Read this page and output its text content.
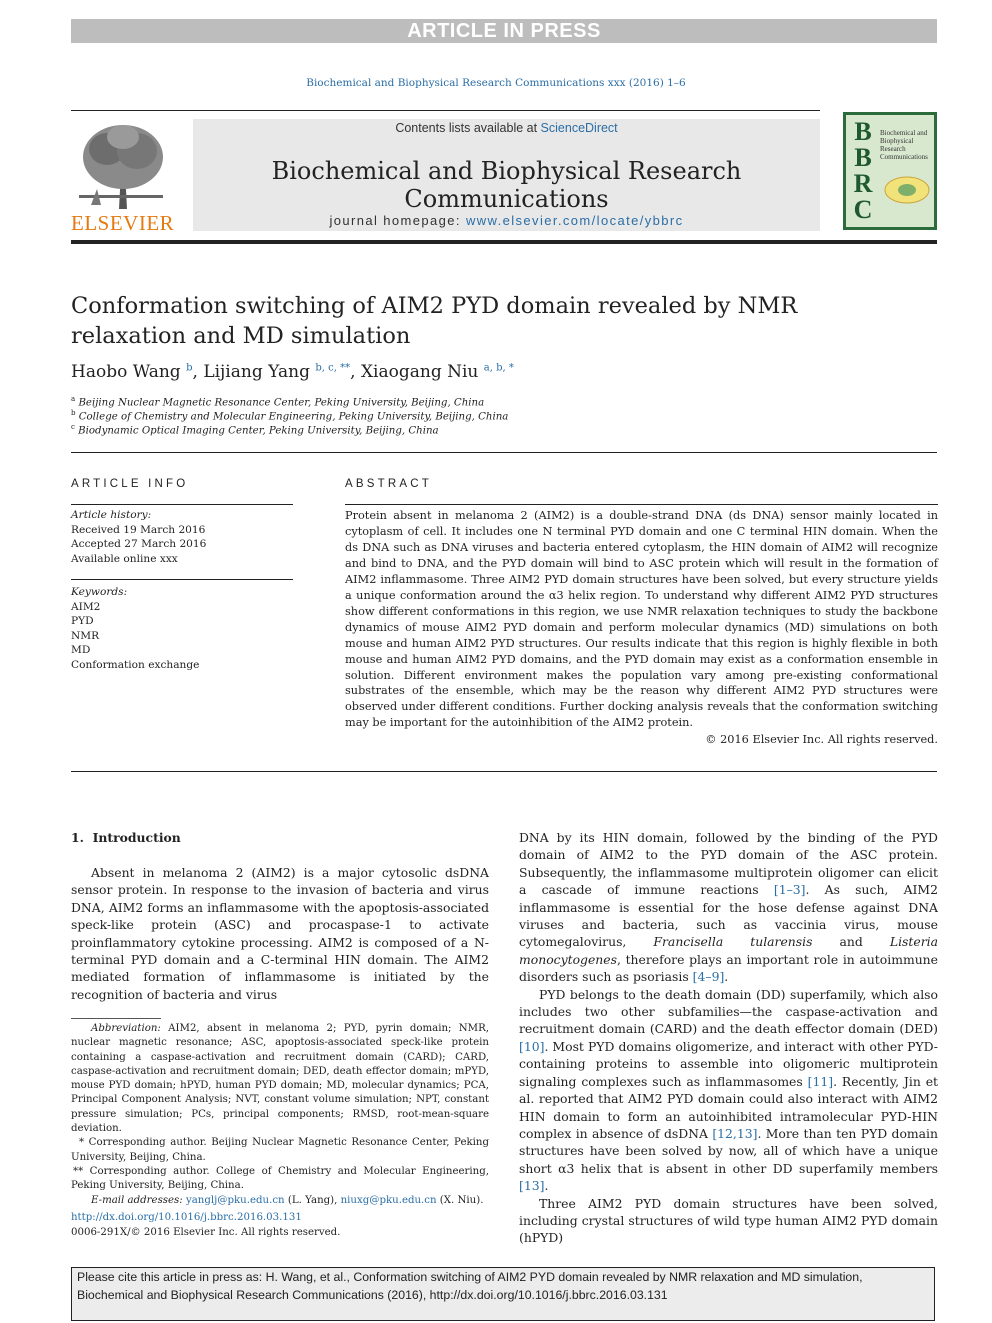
ARTICLE IN PRESS
Biochemical and Biophysical Research Communications xxx (2016) 1–6
ELSEVIER
Contents lists available at ScienceDirect
Biochemical and Biophysical Research Communications
journal homepage: www.elsevier.com/locate/ybbrc
B
B
R
C
Biochemical and Biophysical Research Communications
Conformation switching of AIM2 PYD domain revealed by NMR relaxation and MD simulation
Haobo Wang $^b$, Lijiang Yang $^{b, c, **}$, Xiaogang Niu $^{a, b, *}$
$^a$ Beijing Nuclear Magnetic Resonance Center, Peking University, Beijing, China
$^b$ College of Chemistry and Molecular Engineering, Peking University, Beijing, China
$^c$ Biodynamic Optical Imaging Center, Peking University, Beijing, China
ARTICLE INFO
Article history:
Received 19 March 2016
Accepted 27 March 2016
Available online xxx
Keywords:
AIM2
PYD
NMR
MD
Conformation exchange
ABSTRACT
Protein absent in melanoma 2 (AIM2) is a double-strand DNA (ds DNA) sensor mainly located in cytoplasm of cell. It includes one N terminal PYD domain and one C terminal HIN domain. When the ds DNA such as DNA viruses and bacteria entered cytoplasm, the HIN domain of AIM2 will recognize and bind to DNA, and the PYD domain will bind to ASC protein which will result in the formation of AIM2 inflammasome. Three AIM2 PYD domain structures have been solved, but every structure yields a unique conformation around the α3 helix region. To understand why different AIM2 PYD structures show different conformations in this region, we use NMR relaxation techniques to study the backbone dynamics of mouse AIM2 PYD domain and perform molecular dynamics (MD) simulations on both mouse and human AIM2 PYD structures. Our results indicate that this region is highly flexible in both mouse and human AIM2 PYD domains, and the PYD domain may exist as a conformation ensemble in solution. Different environment makes the population vary among pre-existing conformational substrates of the ensemble, which may be the reason why different AIM2 PYD structures were observed under different conditions. Further docking analysis reveals that the conformation switching may be important for the autoinhibition of the AIM2 protein.
© 2016 Elsevier Inc. All rights reserved.
1.  Introduction

Absent in melanoma 2 (AIM2) is a major cytosolic dsDNA sensor protein. In response to the invasion of bacteria and virus DNA, AIM2 forms an inflammasome with the apoptosis-associated speck-like protein (ASC) and procaspase-1 to activate proinflammatory cytokine processing. AIM2 is composed of a N-terminal PYD domain and a C-terminal HIN domain. The AIM2 mediated formation of inflammasome is initiated by the recognition of bacteria and virus

DNA by its HIN domain, followed by the binding of the PYD domain of AIM2 to the PYD domain of the ASC protein. Subsequently, the inflammasome multiprotein oligomer can elicit a cascade of immune reactions [1–3]. As such, AIM2 inflammasome is essential for the hose defense against DNA viruses and bacteria, such as vaccinia virus, mouse cytomegalovirus, Francisella tularensis and Listeria monocytogenes, therefore plays an important role in autoimmune disorders such as psoriasis [4–9].

PYD belongs to the death domain (DD) superfamily, which also includes two other subfamilies—the caspase-activation and recruitment domain (CARD) and the death effector domain (DED) [10]. Most PYD domains oligomerize, and interact with other PYD-containing proteins to assemble into oligomeric multiprotein signaling complexes such as inflammasomes [11]. Recently, Jin et al. reported that AIM2 PYD domain could also interact with AIM2 HIN domain to form an autoinhibited intramolecular PYD-HIN complex in absence of dsDNA [12,13]. More than ten PYD domain structures have been solved by now, all of which have a unique short α3 helix that is absent in other DD superfamily members [13].

Three AIM2 PYD domain structures have been solved, including crystal structures of wild type human AIM2 PYD domain (hPYD)

Abbreviation: AIM2, absent in melanoma 2; PYD, pyrin domain; NMR, nuclear magnetic resonance; ASC, apoptosis-associated speck-like protein containing a caspase-activation and recruitment domain (CARD); CARD, caspase-activation and recruitment domain; DED, death effector domain; mPYD, mouse PYD domain; hPYD, human PYD domain; MD, molecular dynamics; PCA, Principal Component Analysis; NVT, constant volume simulation; NPT, constant pressure simulation; PCs, principal components; RMSD, root-mean-square deviation.

* Corresponding author. Beijing Nuclear Magnetic Resonance Center, Peking University, Beijing, China.

** Corresponding author. College of Chemistry and Molecular Engineering, Peking University, Beijing, China.

E-mail addresses: yanglj@pku.edu.cn (L. Yang), niuxg@pku.edu.cn (X. Niu).

http://dx.doi.org/10.1016/j.bbrc.2016.03.131
0006-291X/© 2016 Elsevier Inc. All rights reserved.
Please cite this article in press as: H. Wang, et al., Conformation switching of AIM2 PYD domain revealed by NMR relaxation and MD simulation,
Biochemical and Biophysical Research Communications (2016), http://dx.doi.org/10.1016/j.bbrc.2016.03.131
